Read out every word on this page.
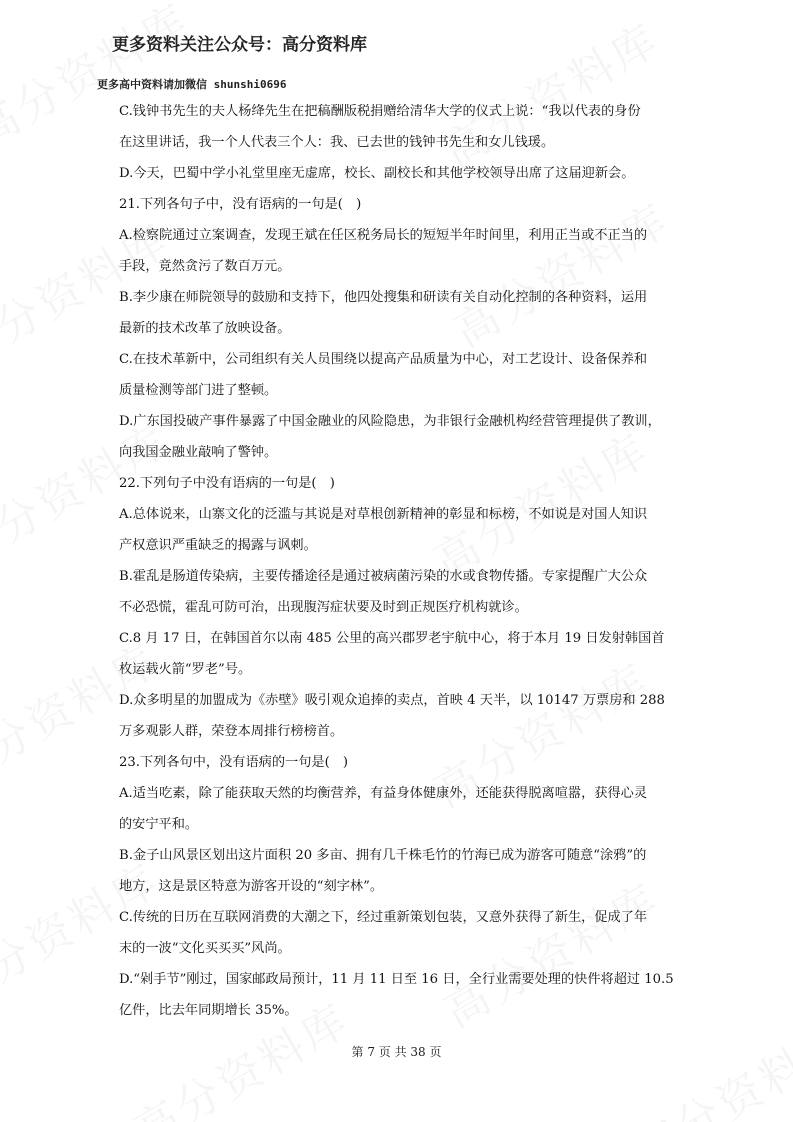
更多资料关注公众号：高分资料库
更多高中资料请加微信 shunshi0696
C.钱钟书先生的夫人杨绛先生在把稿酬版税捐赠给清华大学的仪式上说：“我以代表的身份
在这里讲话，我一个人代表三个人：我、已去世的钱钟书先生和女儿钱瑗。
D.今天，巴蜀中学小礼堂里座无虚席，校长、副校长和其他学校领导出席了这届迎新会。
21.下列各句子中，没有语病的一句是(　)
A.检察院通过立案调查，发现王斌在任区税务局长的短短半年时间里，利用正当或不正当的
手段，竟然贪污了数百万元。
B.李少康在师院领导的鼓励和支持下，他四处搜集和研读有关自动化控制的各种资料，运用
最新的技术改革了放映设备。
C.在技术革新中，公司组织有关人员围绕以提高产品质量为中心，对工艺设计、设备保养和
质量检测等部门进了整顿。
D.广东国投破产事件暴露了中国金融业的风险隐患，为非银行金融机构经营管理提供了教训，
向我国金融业敲响了警钟。
22.下列句子中没有语病的一句是(　)
A.总体说来，山寨文化的泛滥与其说是对草根创新精神的彰显和标榜，不如说是对国人知识
产权意识严重缺乏的揭露与讽刺。
B.霍乱是肠道传染病，主要传播途径是通过被病菌污染的水或食物传播。专家提醒广大公众
不必恐慌，霍乱可防可治，出现腹泻症状要及时到正规医疗机构就诊。
C.8 月 17 日，在韩国首尔以南 485 公里的高兴郡罗老宇航中心，将于本月 19 日发射韩国首
枚运载火箭“罗老”号。
D.众多明星的加盟成为《赤壁》吸引观众追捧的卖点，首映 4 天半，以 10147 万票房和 288
万多观影人群，荣登本周排行榜榜首。
23.下列各句中，没有语病的一句是(　)
A.适当吃素，除了能获取天然的均衡营养，有益身体健康外，还能获得脱离喧嚣，获得心灵
的安宁平和。
B.金子山风景区划出这片面积 20 多亩、拥有几千株毛竹的竹海已成为游客可随意“涂鸦”的
地方，这是景区特意为游客开设的“刻字林”。
C.传统的日历在互联网消费的大潮之下，经过重新策划包装，又意外获得了新生，促成了年
末的一波“文化买买买”风尚。
D.“剁手节”刚过，国家邮政局预计，11 月 11 日至 16 日，全行业需要处理的快件将超过 10.5
亿件，比去年同期增长 35%。
第 7 页 共 38 页
